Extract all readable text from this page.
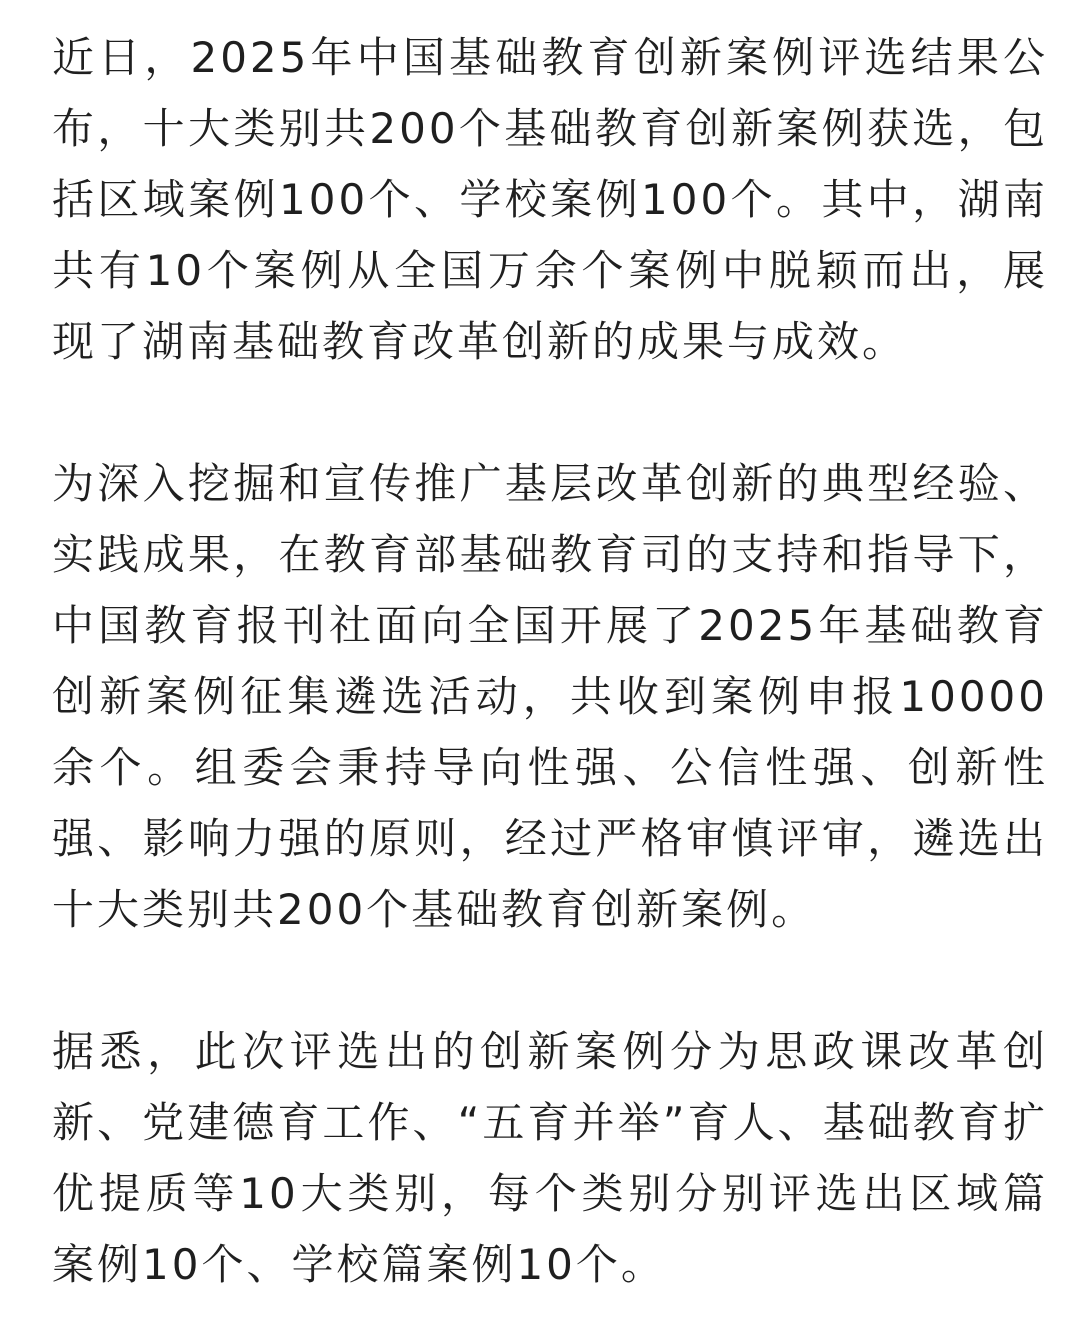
近日，2025年中国基础教育创新案例评选结果公布，十大类别共200个基础教育创新案例获选，包括区域案例100个、学校案例100个。其中，湖南共有10个案例从全国万余个案例中脱颖而出，展现了湖南基础教育改革创新的成果与成效。

为深入挖掘和宣传推广基层改革创新的典型经验、实践成果，在教育部基础教育司的支持和指导下，中国教育报刊社面向全国开展了2025年基础教育创新案例征集遴选活动，共收到案例申报10000余个。组委会秉持导向性强、公信性强、创新性强、影响力强的原则，经过严格审慎评审，遴选出十大类别共200个基础教育创新案例。

据悉，此次评选出的创新案例分为思政课改革创新、党建德育工作、“五育并举”育人、基础教育扩优提质等10大类别，每个类别分别评选出区域篇案例10个、学校篇案例10个。
